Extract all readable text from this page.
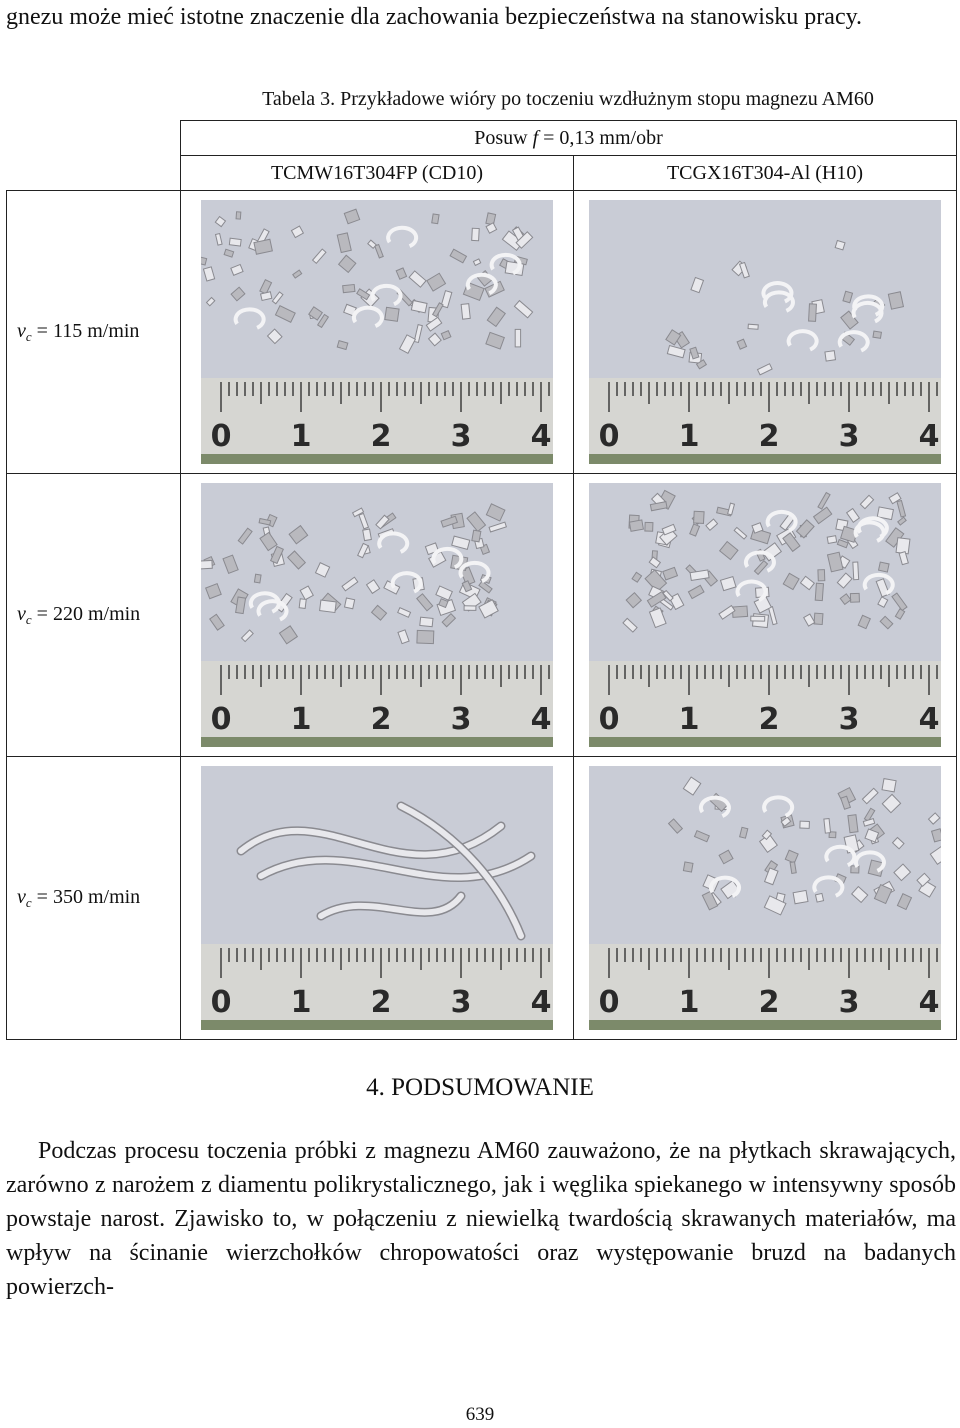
gnezu może mieć istotne znaczenie dla zachowania bezpieczeństwa na stanowisku pracy.
Tabela 3. Przykładowe wióry po toczeniu wzdłużnym stopu magnezu AM60
	Posuw f = 0,13 mm/obr	
	TCMW16T304FP (CD10)	TCGX16T304-Al (H10)
$v_c = 115$ m/min	0 1 2 3 4	0 1 2 3 4

$v_c = 220$ m/min	0 1 2 3 4	0 1 2 3 4

$v_c = 350$ m/min	0 1 2 3 4	0 1 2 3 4
4. PODSUMOWANIE
Podczas procesu toczenia próbki z magnezu AM60 zauważono, że na płytkach skrawających, zarówno z narożem z diamentu polikrystalicznego, jak i węglika spiekanego w intensywny sposób powstaje narost. Zjawisko to, w połączeniu z niewielką twardością skrawanych materiałów, ma wpływ na ścinanie wierzchołków chropowatości oraz występowanie bruzd na badanych powierzch-
639
